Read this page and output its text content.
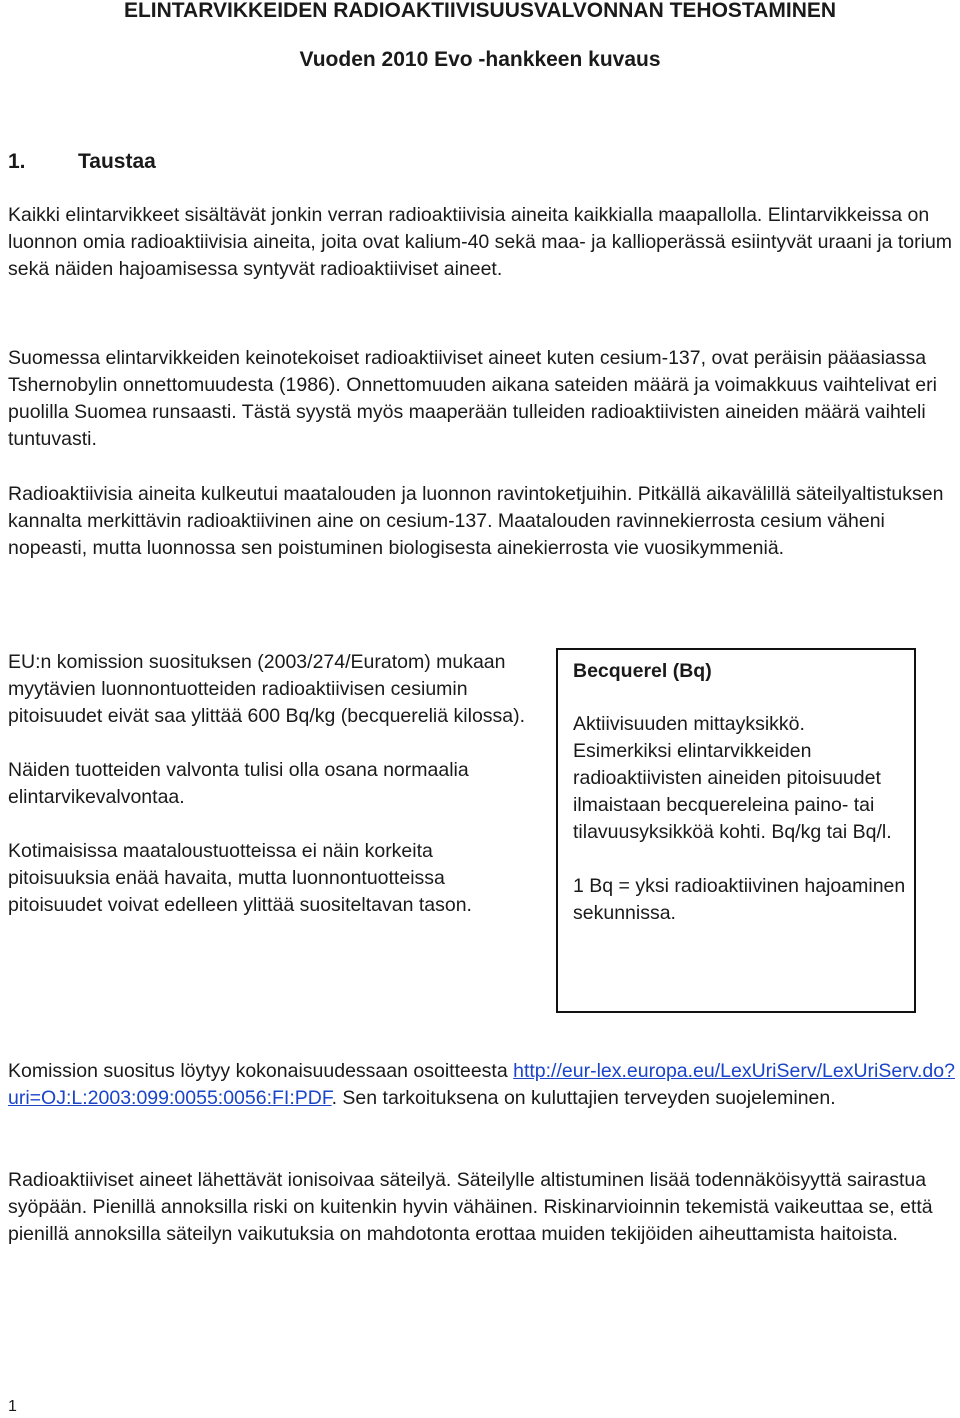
ELINTARVIKKEIDEN RADIOAKTIIVISUUSVALVONNAN TEHOSTAMINEN
Vuoden 2010 Evo -hankkeen kuvaus
1. Taustaa

Kaikki elintarvikkeet sisältävät jonkin verran radioaktiivisia aineita kaikkialla maapallolla. Elintarvikkeissa on luonnon omia radioaktiivisia aineita, joita ovat kalium-40 sekä maa- ja kallioperässä esiintyvät uraani ja torium sekä näiden hajoamisessa syntyvät radioaktiiviset aineet.

Suomessa elintarvikkeiden keinotekoiset radioaktiiviset aineet kuten cesium-137, ovat peräisin pääasiassa Tshernobylin onnettomuudesta (1986). Onnettomuuden aikana sateiden määrä ja voimakkuus vaihtelivat eri puolilla Suomea runsaasti. Tästä syystä myös maaperään tulleiden radioaktiivisten aineiden määrä vaihteli tuntuvasti.

Radioaktiivisia aineita kulkeutui maatalouden ja luonnon ravintoketjuihin. Pitkällä aikavälillä säteilyaltistuksen kannalta merkittävin radioaktiivinen aine on cesium-137. Maatalouden ravinnekierrosta cesium väheni nopeasti, mutta luonnossa sen poistuminen biologisesta ainekierrosta vie vuosikymmeniä.

EU:n komission suosituksen (2003/274/Euratom) mukaan myytävien luonnontuotteiden radioaktiivisen cesiumin pitoisuudet eivät saa ylittää 600 Bq/kg (becquereliä kilossa).

Näiden tuotteiden valvonta tulisi olla osana normaalia elintarvikevalvontaa.

Kotimaisissa maataloustuotteissa ei näin korkeita pitoisuuksia enää havaita, mutta luonnontuotteissa pitoisuudet voivat edelleen ylittää suositeltavan tason.

Becquerel (Bq)

Aktiivisuuden mittayksikkö. Esimerkiksi elintarvikkeiden radioaktiivisten aineiden pitoisuudet ilmaistaan becquereleina paino- tai tilavuusyksikköä kohti. Bq/kg tai Bq/l.

1 Bq = yksi radioaktiivinen hajoaminen sekunnissa.

Komission suositus löytyy kokonaisuudessaan osoitteesta http://eur-lex.europa.eu/LexUriServ/LexUriServ.do?uri=OJ:L:2003:099:0055:0056:FI:PDF. Sen tarkoituksena on kuluttajien terveyden suojeleminen.

Radioaktiiviset aineet lähettävät ionisoivaa säteilyä. Säteilylle altistuminen lisää todennäköisyyttä sairastua syöpään. Pienillä annoksilla riski on kuitenkin hyvin vähäinen. Riskinarvioinnin tekemistä vaikeuttaa se, että pienillä annoksilla säteilyn vaikutuksia on mahdotonta erottaa muiden tekijöiden aiheuttamista haitoista.

1
